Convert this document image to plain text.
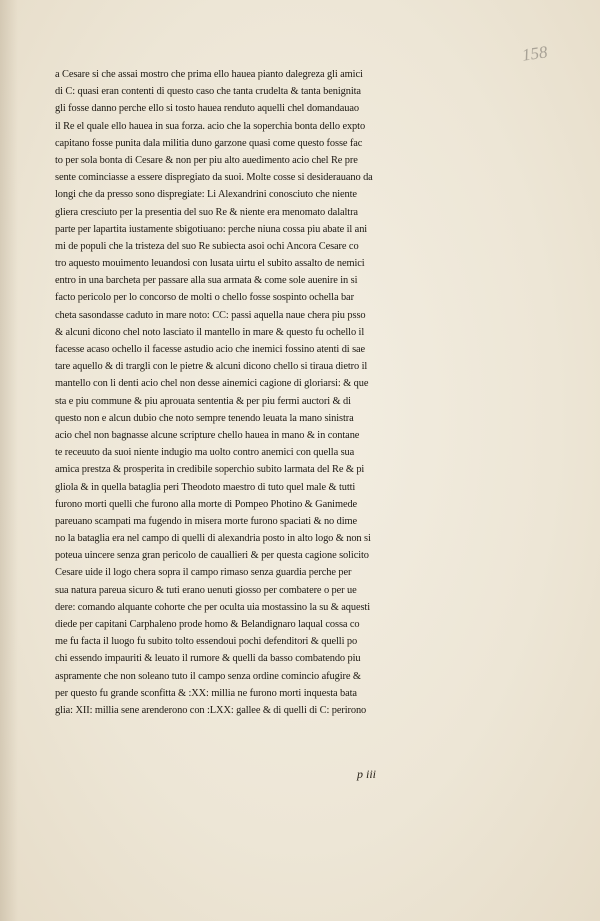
158
a Cesare si che assai mostro che prima ello hauea pianto dalegreza gli amici
di C: quasi eran contenti di questo caso che tanta crudelta & tanta benignita
gli fosse danno perche ello si tosto hauea renduto aquelli chel domandauao
il Re el quale ello hauea in sua forza. acio che la soperchia bonta dello expto
capitano fosse punita dala militia duno garzone quasi come questo fosse fac
to per sola bonta di Cesare & non per piu alto auedimento acio chel Re pre
sente cominciasse a essere dispregiato da suoi. Molte cosse si desiderauano da
longi che da presso sono dispregiate: Li Alexandrini conosciuto che niente
gliera cresciuto per la presentia del suo Re & niente era menomato dalaltra
parte per lapartita iustamente sbigotiuano: perche niuna cossa piu abate il ani
mi de populi che la tristeza del suo Re subiecta asoi ochi Ancora Cesare co
tro aquesto mouimento leuandosi con lusata uirtu el subito assalto de nemici
entro in una barcheta per passare alla sua armata & come sole auenire in si
facto pericolo per lo concorso de molti o chello fosse sospinto ochella bar
cheta sasondasse caduto in mare noto: CC: passi aquella naue chera piu psso
& alcuni dicono chel noto lasciato il mantello in mare & questo fu ochello il
facesse acaso ochello il facesse astudio acio che inemici fossino atenti di sae
tare aquello & di trargli con le pietre & alcuni dicono chello si tiraua dietro il
mantello con li denti acio chel non desse ainemici cagione di gloriarsi: & que
sta e piu commune & piu aprouata sententia & per piu fermi auctori & di
questo non e alcun dubio che noto sempre tenendo leuata la mano sinistra
acio chel non bagnasse alcune scripture chello hauea in mano & in contane
te receuuto da suoi niente indugio ma uolto contro anemici con quella sua
amica prestza & prosperita in credibile soperchio subito larmata del Re & pi
gliola & in quella bataglia peri Theodoto maestro di tuto quel male & tutti
furono morti quelli che furono alla morte di Pompeo Photino & Ganimede
pareuano scampati ma fugendo in misera morte furono spaciati & no dime
no la bataglia era nel campo di quelli di alexandria posto in alto logo & non si
poteua uincere senza gran pericolo de cauallieri & per questa cagione solicito
Cesare uide il logo chera sopra il campo rimaso senza guardia perche per
sua natura pareua sicuro & tuti erano uenuti giosso per combatere o per ue
dere: comando alquante cohorte che per oculta uia mostassino la su & aquesti
diede per capitani Carphaleno prode homo & Belandignaro laqual cossa co
me fu facta il luogo fu subito tolto essendoui pochi defenditori & quelli po
chi essendo impauriti & leuato il rumore & quelli da basso combatendo piu
aspramente che non soleano tuto il campo senza ordine comincio afugire &
per questo fu grande sconfitta & :XX: millia ne furono morti inquesta bata
glia: XII: millia sene arenderono con :LXX: gallee & di quelli di C: perirono
p iii
